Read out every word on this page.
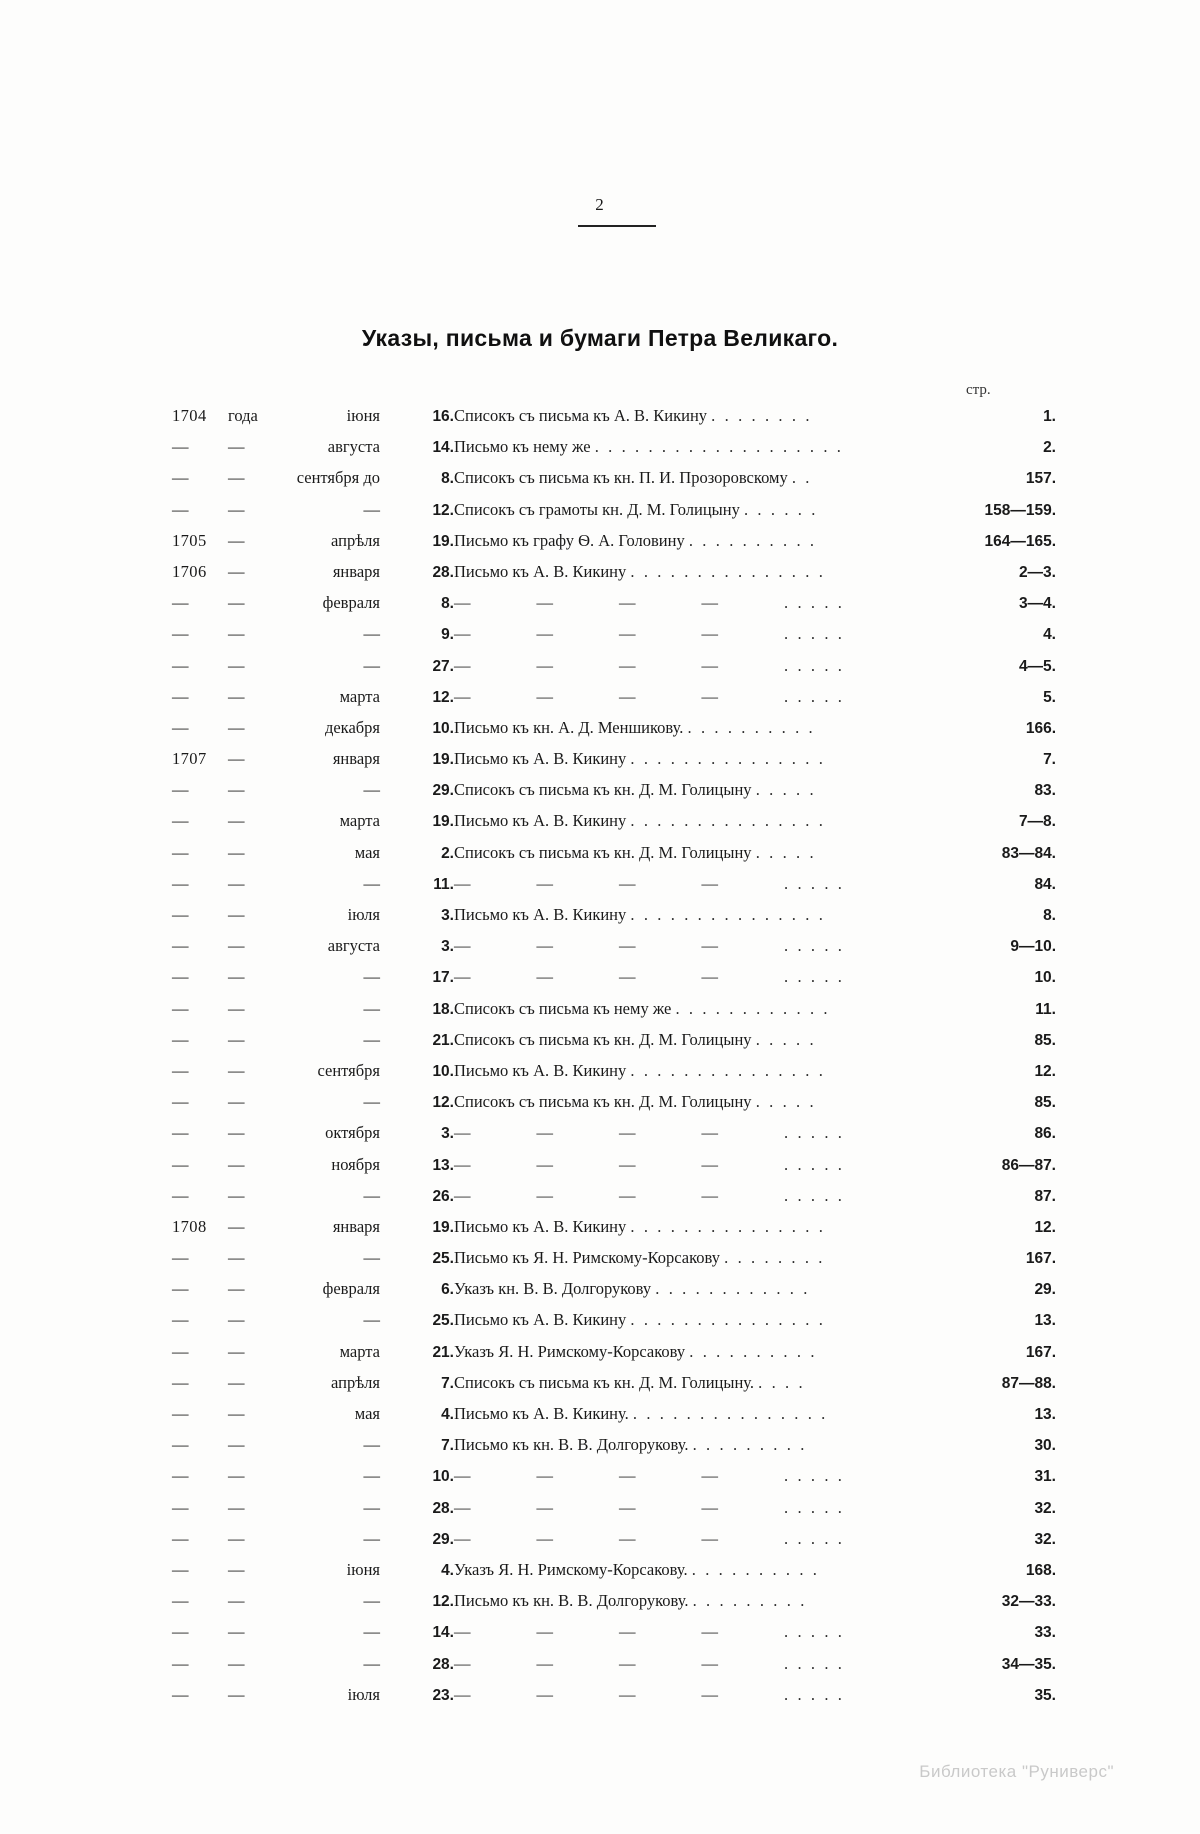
2
Указы, письма и бумаги Петра Великаго.
стр.
1704	года	іюня	16.	Списокъ съ письма къ А. В. Кикину . . . . . . . .	1.
—	—	августа	14.	Письмо къ нему же . . . . . . . . . . . . . . . . . . .	2.
—	—	сентября до	8.	Списокъ съ письма къ кн. П. И. Прозоровскому . .	157.
—	—	—	12.	Списокъ съ грамоты кн. Д. М. Голицыну . . . . . .	158—159.
1705	—	апрѣля	19.	Письмо къ графу Ѳ. А. Головину . . . . . . . . . .	164—165.
1706	—	января	28.	Письмо къ А. В. Кикину . . . . . . . . . . . . . . .	2—3.
—	—	февраля	8.	— — — — . . . . .	3—4.
—	—	—	9.	— — — — . . . . .	4.
—	—	—	27.	— — — — . . . . .	4—5.
—	—	марта	12.	— — — — . . . . .	5.
—	—	декабря	10.	Письмо къ кн. А. Д. Меншикову. . . . . . . . . . .	166.
1707	—	января	19.	Письмо къ А. В. Кикину . . . . . . . . . . . . . . .	7.
—	—	—	29.	Списокъ съ письма къ кн. Д. М. Голицыну . . . . .	83.
—	—	марта	19.	Письмо къ А. В. Кикину . . . . . . . . . . . . . . .	7—8.
—	—	мая	2.	Списокъ съ письма къ кн. Д. М. Голицыну . . . . .	83—84.
—	—	—	11.	— — — — . . . . .	84.
—	—	іюля	3.	Письмо къ А. В. Кикину . . . . . . . . . . . . . . .	8.
—	—	августа	3.	— — — — . . . . .	9—10.
—	—	—	17.	— — — — . . . . .	10.
—	—	—	18.	Списокъ съ письма къ нему же . . . . . . . . . . . .	11.
—	—	—	21.	Списокъ съ письма къ кн. Д. М. Голицыну . . . . .	85.
—	—	сентября	10.	Письмо къ А. В. Кикину . . . . . . . . . . . . . . .	12.
—	—	—	12.	Списокъ съ письма къ кн. Д. М. Голицыну . . . . .	85.
—	—	октября	3.	— — — — . . . . .	86.
—	—	ноября	13.	— — — — . . . . .	86—87.
—	—	—	26.	— — — — . . . . .	87.
1708	—	января	19.	Письмо къ А. В. Кикину . . . . . . . . . . . . . . .	12.
—	—	—	25.	Письмо къ Я. Н. Римскому-Корсакову . . . . . . . .	167.
—	—	февраля	6.	Указъ кн. В. В. Долгорукову . . . . . . . . . . . .	29.
—	—	—	25.	Письмо къ А. В. Кикину . . . . . . . . . . . . . . .	13.
—	—	марта	21.	Указъ Я. Н. Римскому-Корсакову . . . . . . . . . .	167.
—	—	апрѣля	7.	Списокъ съ письма къ кн. Д. М. Голицыну. . . . .	87—88.
—	—	мая	4.	Письмо къ А. В. Кикину. . . . . . . . . . . . . . . .	13.
—	—	—	7.	Письмо къ кн. В. В. Долгорукову. . . . . . . . . .	30.
—	—	—	10.	— — — — . . . . .	31.
—	—	—	28.	— — — — . . . . .	32.
—	—	—	29.	— — — — . . . . .	32.
—	—	іюня	4.	Указъ Я. Н. Римскому-Корсакову. . . . . . . . . . .	168.
—	—	—	12.	Письмо къ кн. В. В. Долгорукову. . . . . . . . . .	32—33.
—	—	—	14.	— — — — . . . . .	33.
—	—	—	28.	— — — — . . . . .	34—35.
—	—	іюля	23.	— — — — . . . . .	35.
Библиотека "Руниверс"
